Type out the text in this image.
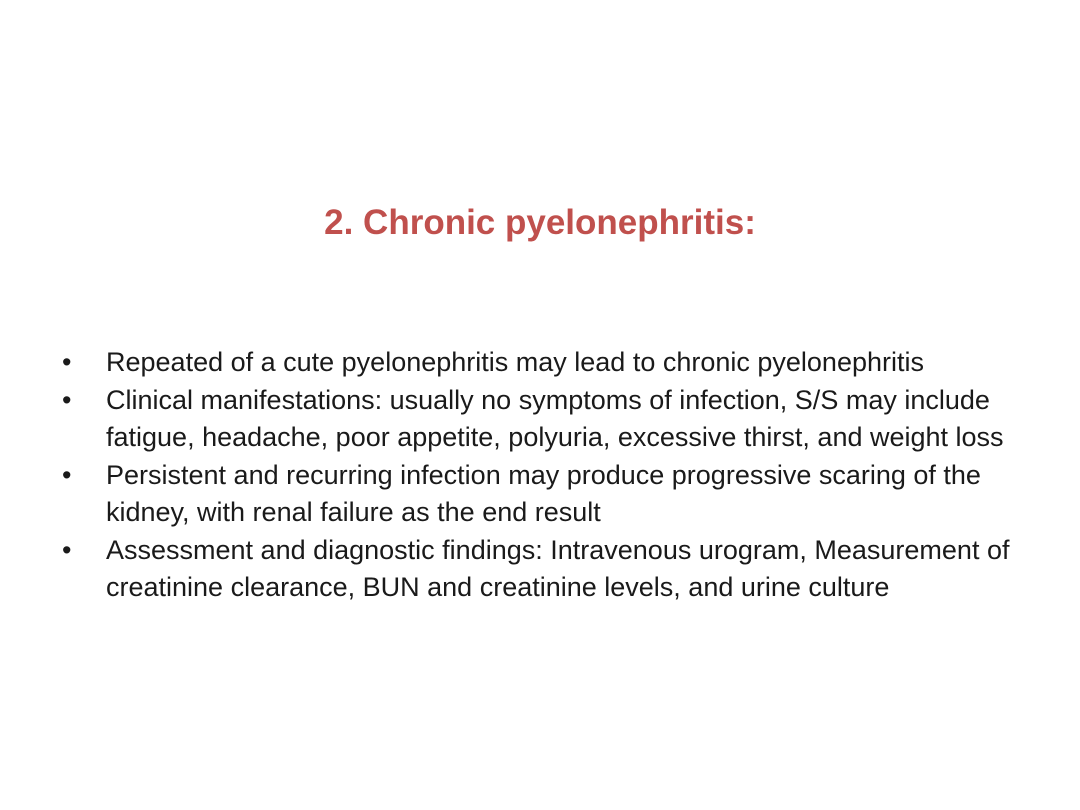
2. Chronic pyelonephritis:
• Repeated of a cute pyelonephritis may lead to chronic pyelonephritis
• Clinical manifestations: usually no symptoms of infection, S/S may include fatigue, headache, poor appetite, polyuria, excessive thirst, and weight loss
• Persistent and recurring infection may produce progressive scaring of the kidney, with renal failure as the end result
• Assessment and diagnostic findings: Intravenous urogram, Measurement of creatinine clearance, BUN and creatinine levels, and urine culture
